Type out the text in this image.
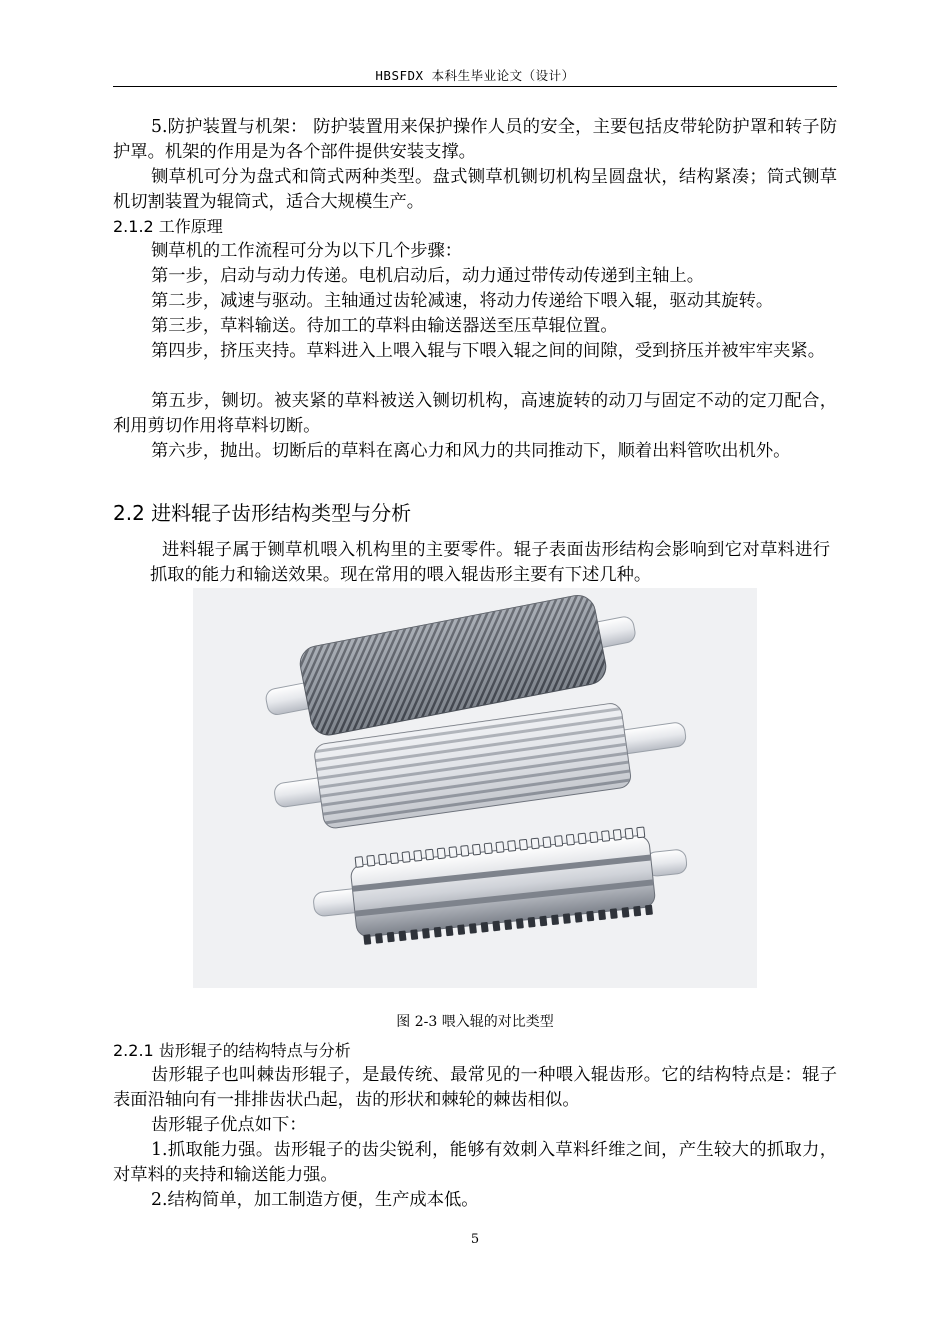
HBSFDX 本科生毕业论文（设计）
5.防护装置与机架： 防护装置用来保护操作人员的安全，主要包括皮带轮防护罩和转子防护罩。机架的作用是为各个部件提供安装支撑。
铡草机可分为盘式和筒式两种类型。盘式铡草机铡切机构呈圆盘状，结构紧凑；筒式铡草机切割装置为辊筒式，适合大规模生产。
2.1.2 工作原理
铡草机的工作流程可分为以下几个步骤：
第一步，启动与动力传递。电机启动后，动力通过带传动传递到主轴上。
第二步，减速与驱动。主轴通过齿轮减速，将动力传递给下喂入辊，驱动其旋转。
第三步，草料输送。待加工的草料由输送器送至压草辊位置。
第四步，挤压夹持。草料进入上喂入辊与下喂入辊之间的间隙，受到挤压并被牢牢夹紧。
第五步，铡切。被夹紧的草料被送入铡切机构，高速旋转的动刀与固定不动的定刀配合，利用剪切作用将草料切断。
第六步，抛出。切断后的草料在离心力和风力的共同推动下，顺着出料管吹出机外。
2.2 进料辊子齿形结构类型与分析
进料辊子属于铡草机喂入机构里的主要零件。辊子表面齿形结构会影响到它对草料进行抓取的能力和输送效果。现在常用的喂入辊齿形主要有下述几种。
图 2-3 喂入辊的对比类型
2.2.1 齿形辊子的结构特点与分析
齿形辊子也叫棘齿形辊子，是最传统、最常见的一种喂入辊齿形。它的结构特点是：辊子表面沿轴向有一排排齿状凸起，齿的形状和棘轮的棘齿相似。
齿形辊子优点如下：
1.抓取能力强。齿形辊子的齿尖锐利，能够有效刺入草料纤维之间，产生较大的抓取力，对草料的夹持和输送能力强。
2.结构简单，加工制造方便，生产成本低。
5
